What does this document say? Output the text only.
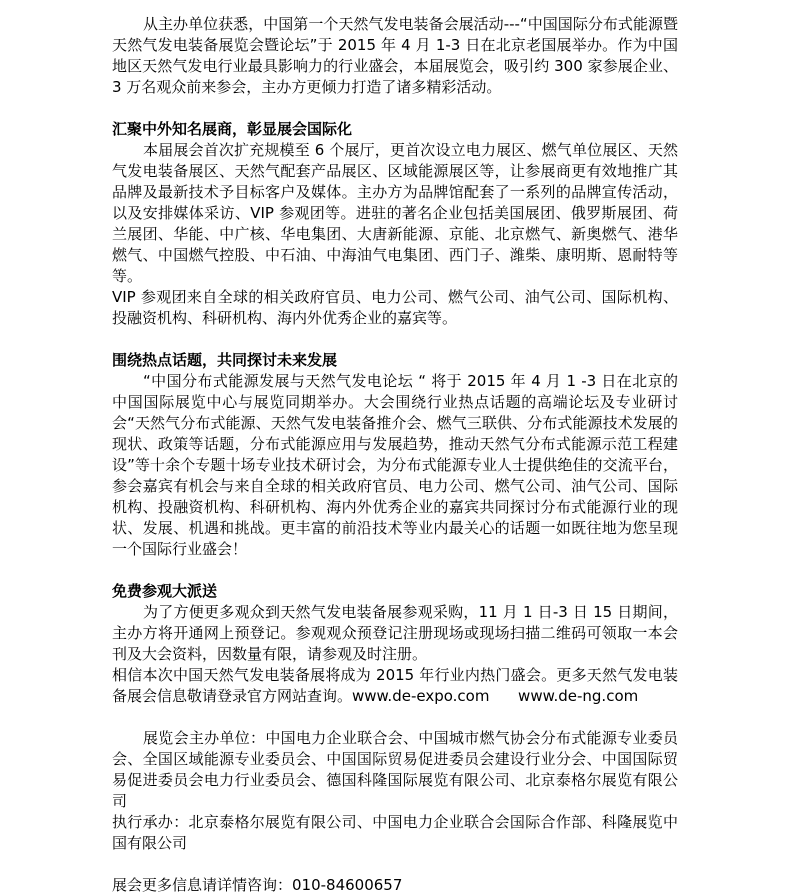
从主办单位获悉，中国第一个天然气发电装备会展活动---“中国国际分布式能源暨天然气发电装备展览会暨论坛”于 2015 年 4 月 1-3 日在北京老国展举办。作为中国地区天然气发电行业最具影响力的行业盛会，本届展览会，吸引约 300 家参展企业、3 万名观众前来参会，主办方更倾力打造了诸多精彩活动。

汇聚中外知名展商，彰显展会国际化

本届展会首次扩充规模至 6 个展厅，更首次设立电力展区、燃气单位展区、天然气发电装备展区、天然气配套产品展区、区域能源展区等，让参展商更有效地推广其品牌及最新技术予目标客户及媒体。主办方为品牌馆配套了一系列的品牌宣传活动，以及安排媒体采访、VIP 参观团等。进驻的著名企业包括美国展团、俄罗斯展团、荷兰展团、华能、中广核、华电集团、大唐新能源、京能、北京燃气、新奥燃气、港华燃气、中国燃气控股、中石油、中海油气电集团、西门子、潍柴、康明斯、恩耐特等等。

VIP 参观团来自全球的相关政府官员、电力公司、燃气公司、油气公司、国际机构、投融资机构、科研机构、海内外优秀企业的嘉宾等。

围绕热点话题，共同探讨未来发展

“中国分布式能源发展与天然气发电论坛 “ 将于 2015 年 4 月 1 -3 日在北京的中国国际展览中心与展览同期举办。大会围绕行业热点话题的高端论坛及专业研讨会“天然气分布式能源、天然气发电装备推介会、燃气三联供、分布式能源技术发展的现状、政策等话题，分布式能源应用与发展趋势，推动天然气分布式能源示范工程建设”等十余个专题十场专业技术研讨会，为分布式能源专业人士提供绝佳的交流平台，参会嘉宾有机会与来自全球的相关政府官员、电力公司、燃气公司、油气公司、国际机构、投融资机构、科研机构、海内外优秀企业的嘉宾共同探讨分布式能源行业的现状、发展、机遇和挑战。更丰富的前沿技术等业内最关心的话题一如既往地为您呈现一个国际行业盛会！

免费参观大派送

为了方便更多观众到天然气发电装备展参观采购，11 月 1 日-3 日 15 日期间，主办方将开通网上预登记。参观观众预登记注册现场或现场扫描二维码可领取一本会刊及大会资料，因数量有限，请参观及时注册。

相信本次中国天然气发电装备展将成为 2015 年行业内热门盛会。更多天然气发电装备展会信息敬请登录官方网站查询。www.de-expo.com      www.de-ng.com

展览会主办单位：中国电力企业联合会、中国城市燃气协会分布式能源专业委员会、全国区域能源专业委员会、中国国际贸易促进委员会建设行业分会、中国国际贸易促进委员会电力行业委员会、德国科隆国际展览有限公司、北京泰格尔展览有限公司

执行承办：北京泰格尔展览有限公司、中国电力企业联合会国际合作部、科隆展览中国有限公司

展会更多信息请详情咨询：010-84600657
